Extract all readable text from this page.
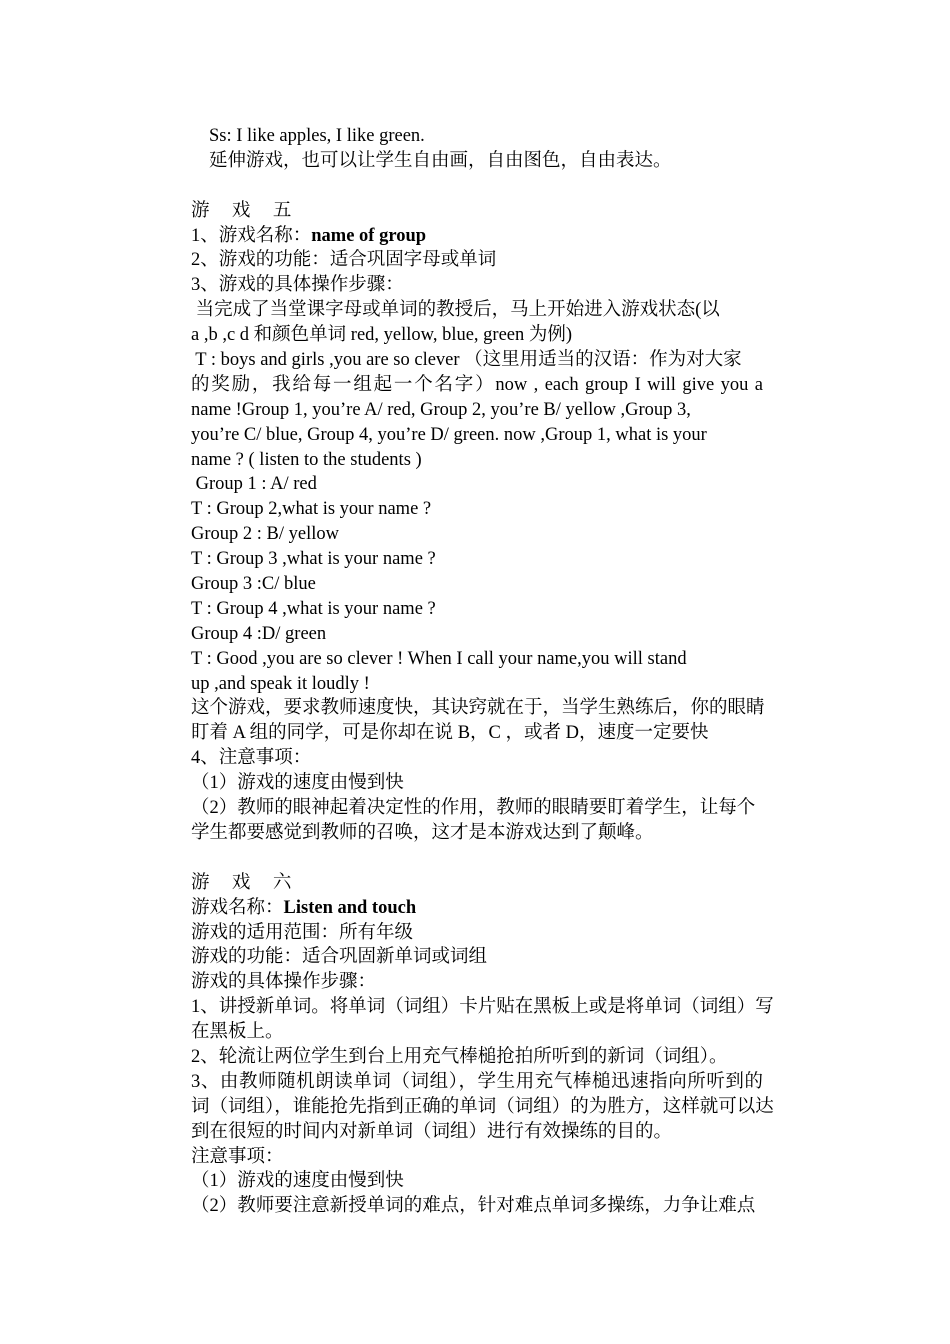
Ss: I like apples, I like green.
延伸游戏，也可以让学生自由画，自由图色，自由表达。
游 戏 五
1、游戏名称：name of group
2、游戏的功能：适合巩固字母或单词
3、游戏的具体操作步骤：
当完成了当堂课字母或单词的教授后，马上开始进入游戏状态(以
a ,b ,c d 和颜色单词 red, yellow, blue, green 为例)
T : boys and girls ,you are so clever （这里用适当的汉语：作为对大家
的奖励，我给每一组起一个名字）now , each group I will give you a
name !Group 1, you’re A/ red, Group 2, you’re B/ yellow ,Group 3,
you’re C/ blue, Group 4, you’re D/ green. now ,Group 1, what is your
name ? ( listen to the students )
Group 1 : A/ red
T : Group 2,what is your name ?
Group 2 : B/ yellow
T : Group 3 ,what is your name ?
Group 3 :C/ blue
T : Group 4 ,what is your name ?
Group 4 :D/ green
T : Good ,you are so clever ! When I call your name,you will stand
up ,and speak it loudly !
这个游戏，要求教师速度快，其诀窍就在于，当学生熟练后，你的眼睛
盯着 A 组的同学，可是你却在说 B，C ，或者 D，速度一定要快
4、注意事项：
（1）游戏的速度由慢到快
（2）教师的眼神起着决定性的作用，教师的眼睛要盯着学生，让每个
学生都要感觉到教师的召唤，这才是本游戏达到了颠峰。
游 戏 六
游戏名称：Listen and touch
游戏的适用范围：所有年级
游戏的功能：适合巩固新单词或词组
游戏的具体操作步骤：
1、讲授新单词。将单词（词组）卡片贴在黑板上或是将单词（词组）写
在黑板上。
2、轮流让两位学生到台上用充气棒槌抢拍所听到的新词（词组）。
3、由教师随机朗读单词（词组），学生用充气棒槌迅速指向所听到的
词（词组），谁能抢先指到正确的单词（词组）的为胜方，这样就可以达
到在很短的时间内对新单词（词组）进行有效操练的目的。
注意事项：
（1）游戏的速度由慢到快
（2）教师要注意新授单词的难点，针对难点单词多操练，力争让难点
